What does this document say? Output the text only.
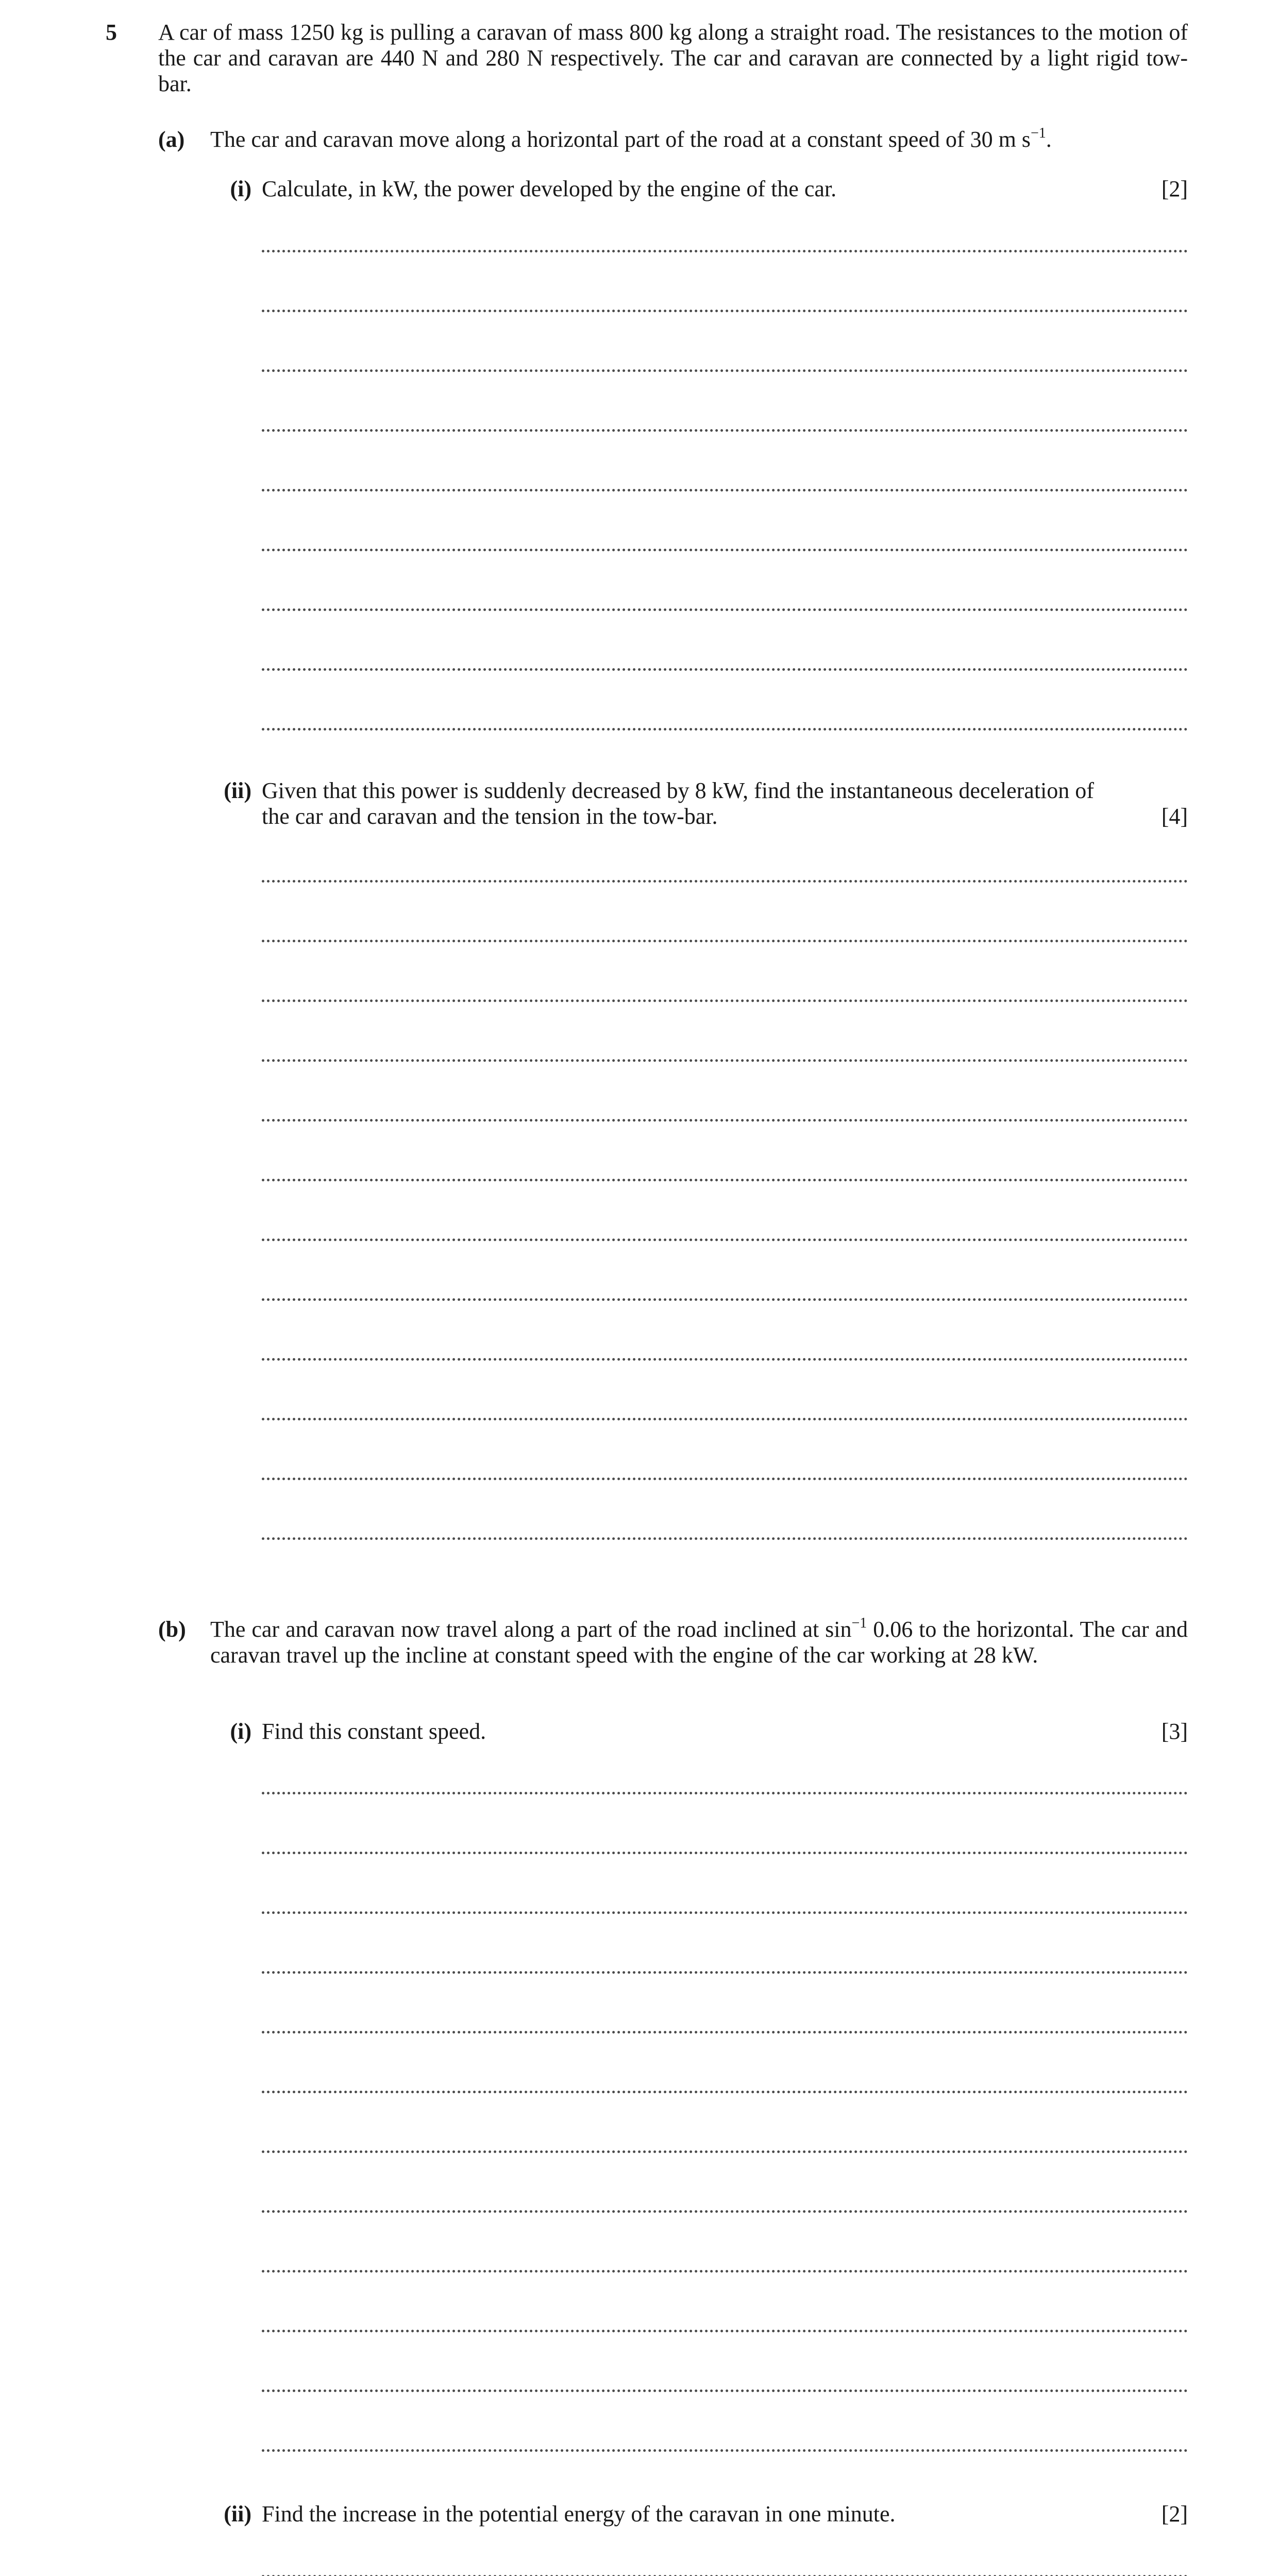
5 A car of mass 1250 kg is pulling a caravan of mass 800 kg along a straight road. The resistances to the motion of the car and caravan are 440 N and 280 N respectively. The car and caravan are connected by a light rigid tow-bar.
(a) The car and caravan move along a horizontal part of the road at a constant speed of 30 m $s^{-1}$.
(i) Calculate, in kW, the power developed by the engine of the car.	[2]
(ii) Given that this power is suddenly decreased by 8 kW, find the instantaneous deceleration of
the car and caravan and the tension in the tow-bar.	[4]
(b) The car and caravan now travel along a part of the road inclined at $\sin^{-1} 0.06$ to the horizontal. The car and caravan travel up the incline at constant speed with the engine of the car working at 28 kW.
(i) Find this constant speed.	[3]
(ii) Find the increase in the potential energy of the caravan in one minute.	[2]
